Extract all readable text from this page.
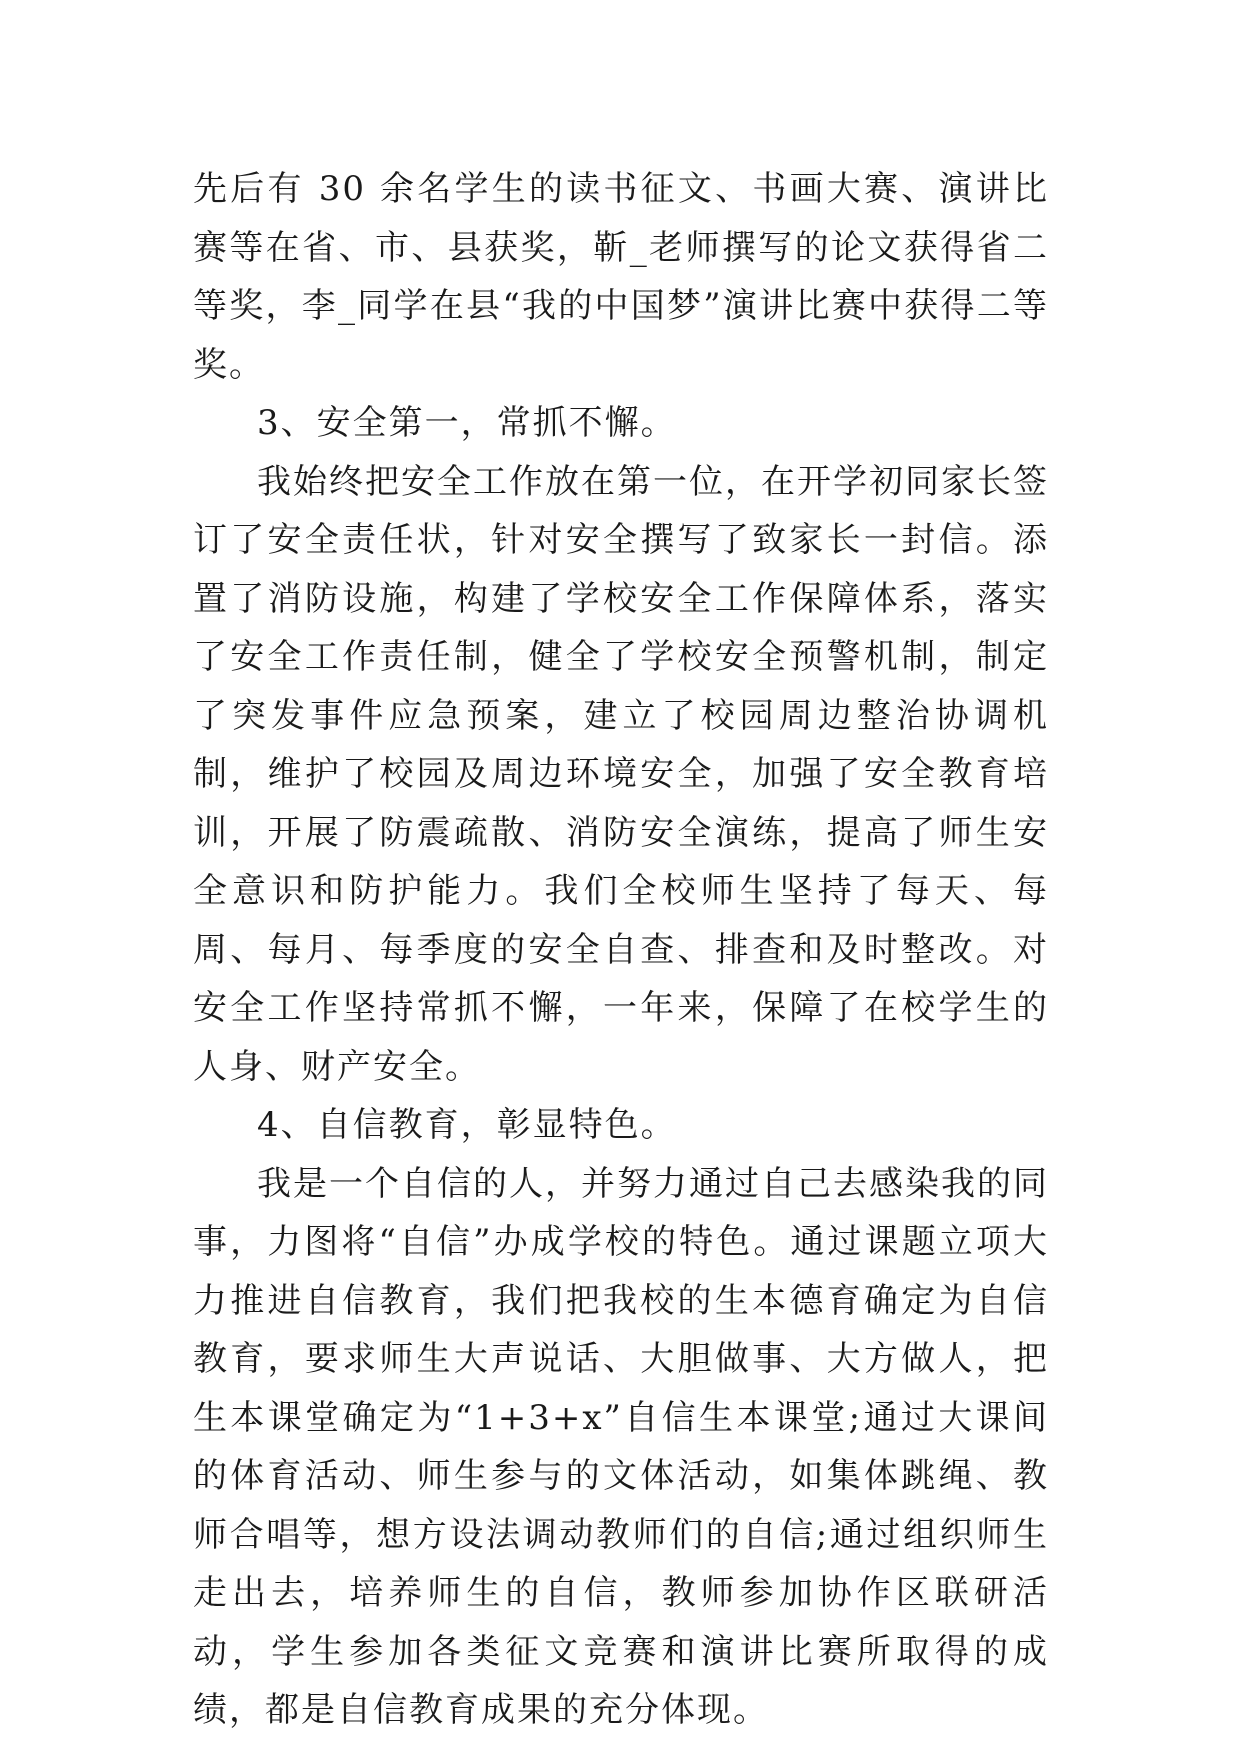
先后有 30 余名学生的读书征文、书画大赛、演讲比赛等在省、市、县获奖，靳_老师撰写的论文获得省二等奖，李_同学在县“我的中国梦”演讲比赛中获得二等奖。

3、安全第一，常抓不懈。

我始终把安全工作放在第一位，在开学初同家长签订了安全责任状，针对安全撰写了致家长一封信。添置了消防设施，构建了学校安全工作保障体系，落实了安全工作责任制，健全了学校安全预警机制，制定了突发事件应急预案，建立了校园周边整治协调机制，维护了校园及周边环境安全，加强了安全教育培训，开展了防震疏散、消防安全演练，提高了师生安全意识和防护能力。我们全校师生坚持了每天、每周、每月、每季度的安全自查、排查和及时整改。对安全工作坚持常抓不懈，一年来，保障了在校学生的人身、财产安全。

4、自信教育，彰显特色。

我是一个自信的人，并努力通过自己去感染我的同事，力图将“自信”办成学校的特色。通过课题立项大力推进自信教育，我们把我校的生本德育确定为自信教育，要求师生大声说话、大胆做事、大方做人，把生本课堂确定为“1+3+x”自信生本课堂;通过大课间的体育活动、师生参与的文体活动，如集体跳绳、教师合唱等，想方设法调动教师们的自信;通过组织师生走出去，培养师生的自信，教师参加协作区联研活动，学生参加各类征文竞赛和演讲比赛所取得的成绩，都是自信教育成果的充分体现。
